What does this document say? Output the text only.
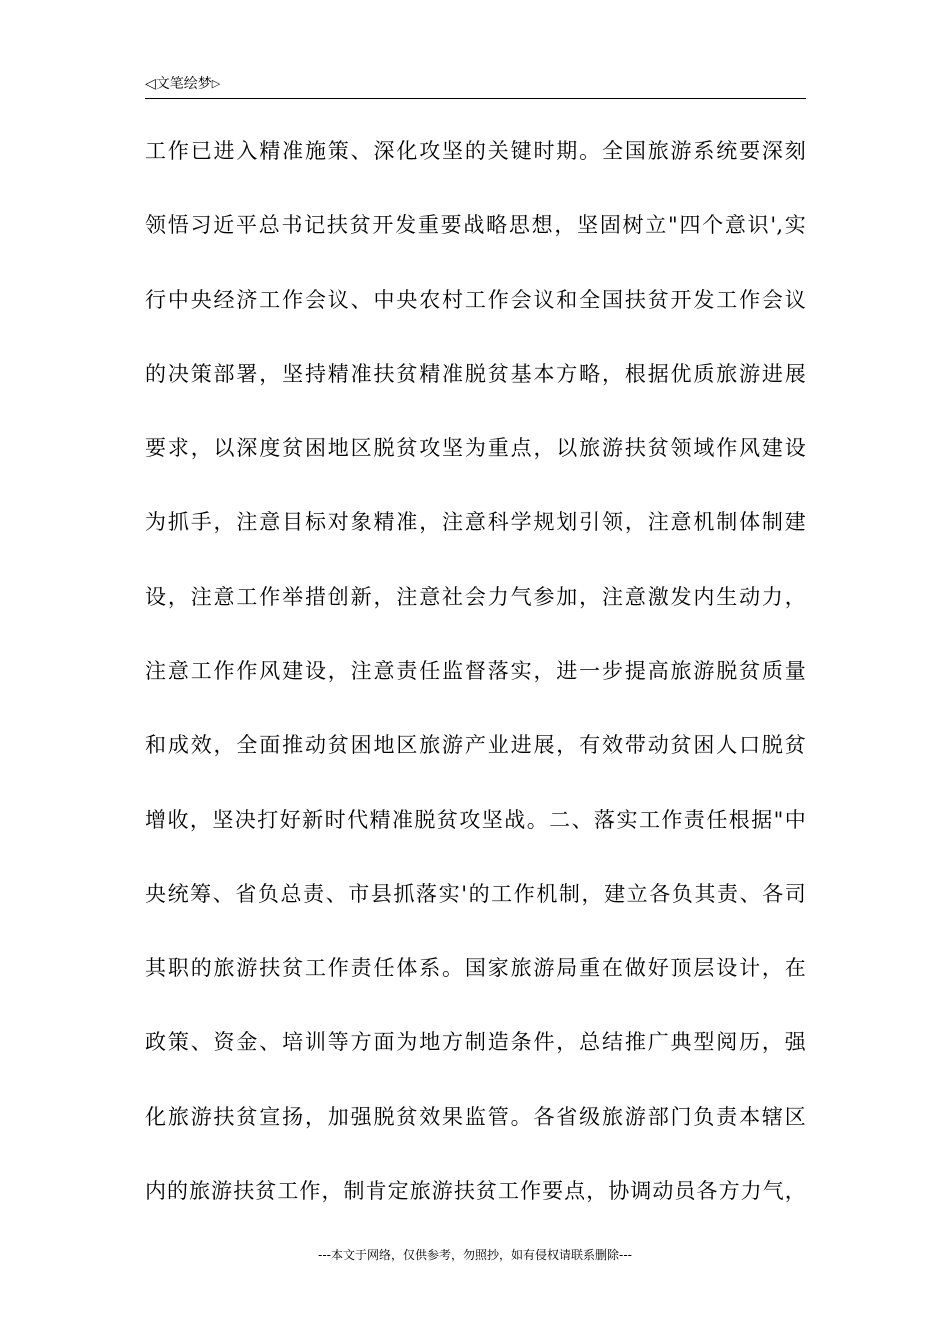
◁文笔绘梦▷
工作已进入精准施策、深化攻坚的关键时期。全国旅游系统要深刻
领悟习近平总书记扶贫开发重要战略思想，坚固树立"四个意识',实
行中央经济工作会议、中央农村工作会议和全国扶贫开发工作会议
的决策部署，坚持精准扶贫精准脱贫基本方略，根据优质旅游进展
要求，以深度贫困地区脱贫攻坚为重点，以旅游扶贫领域作风建设
为抓手，注意目标对象精准，注意科学规划引领，注意机制体制建
设，注意工作举措创新，注意社会力气参加，注意激发内生动力，
注意工作作风建设，注意责任监督落实，进一步提高旅游脱贫质量
和成效，全面推动贫困地区旅游产业进展，有效带动贫困人口脱贫
增收，坚决打好新时代精准脱贫攻坚战。二、落实工作责任根据"中
央统筹、省负总责、市县抓落实'的工作机制，建立各负其责、各司
其职的旅游扶贫工作责任体系。国家旅游局重在做好顶层设计，在
政策、资金、培训等方面为地方制造条件，总结推广典型阅历，强
化旅游扶贫宣扬，加强脱贫效果监管。各省级旅游部门负责本辖区
内的旅游扶贫工作，制肯定旅游扶贫工作要点，协调动员各方力气，
---本文于网络，仅供参考，勿照抄，如有侵权请联系删除---
